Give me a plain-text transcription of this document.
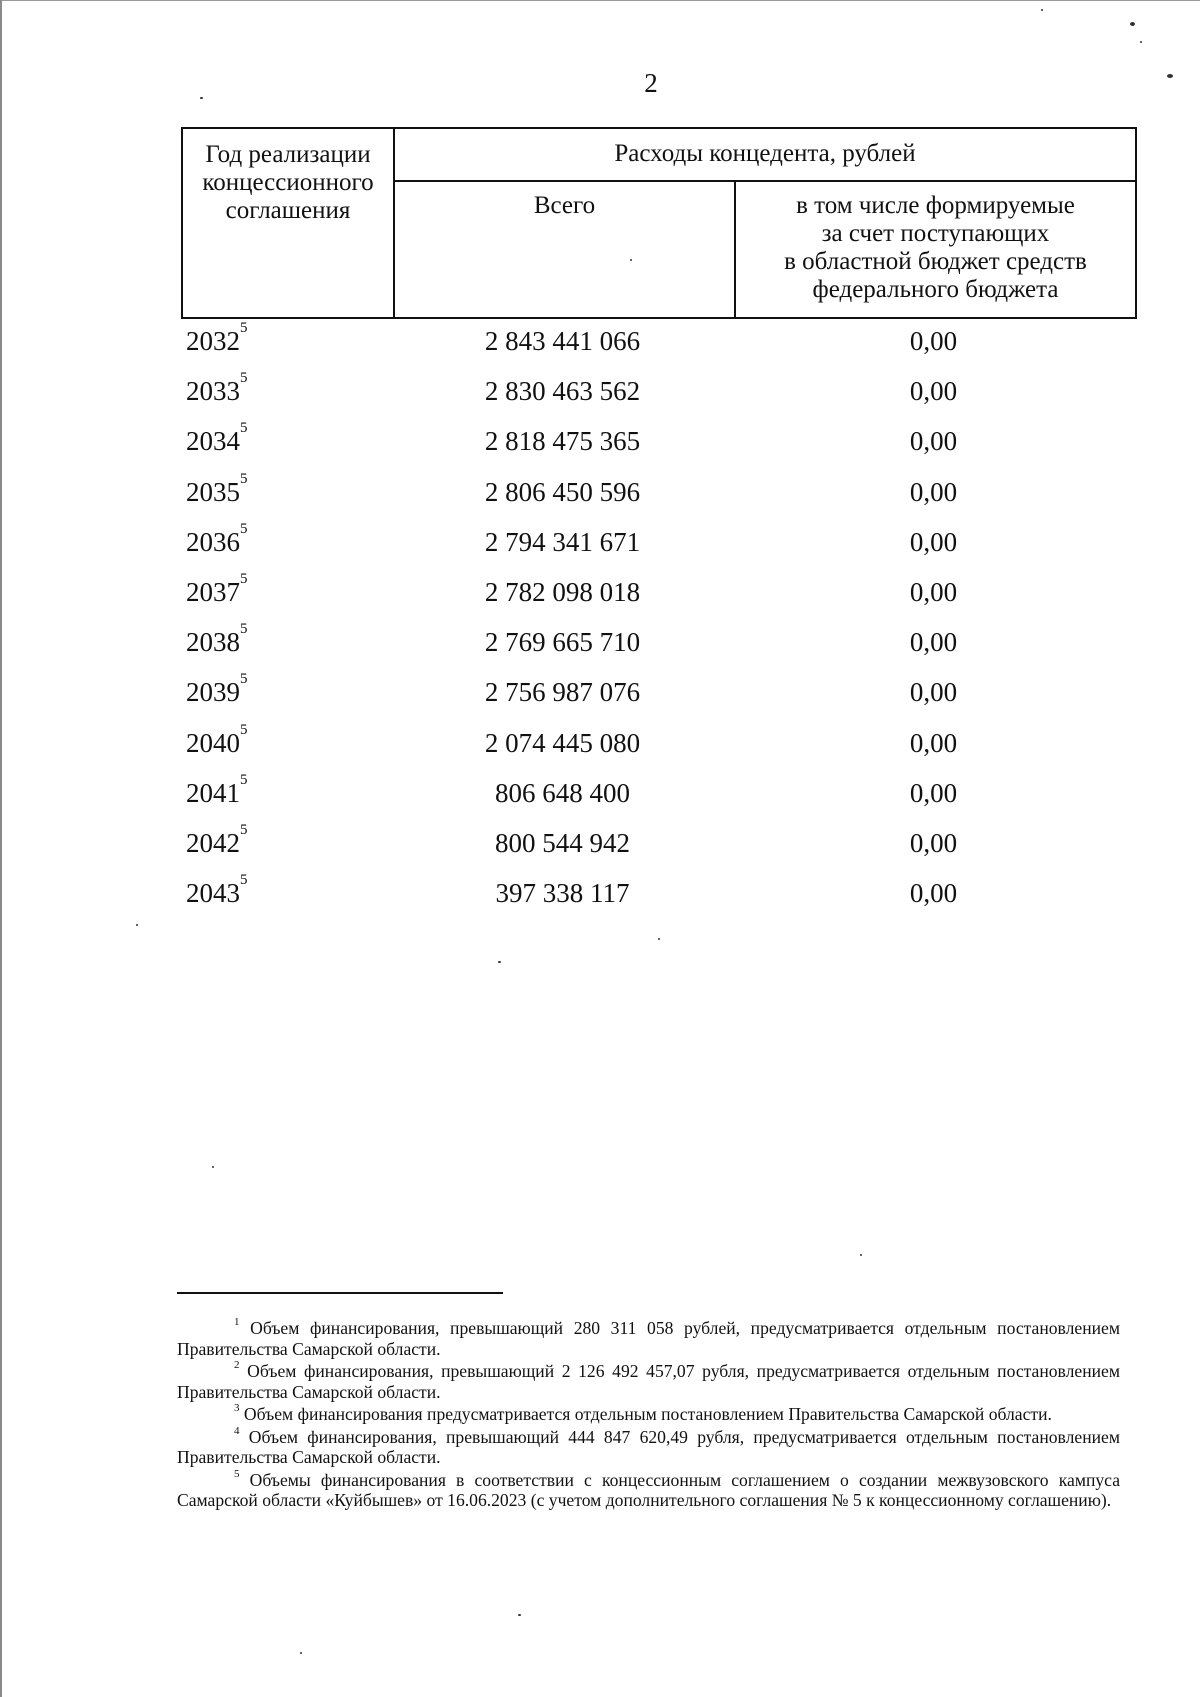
2
Год реализации концессионного соглашения
Расходы концедента, рублей
Всего	в том числе формируемые
за счет поступающих
в областной бюджет средств
федерального бюджета
2032$^5$	2 843 441 066	0,00
2033$^5$	2 830 463 562	0,00
2034$^5$	2 818 475 365	0,00
2035$^5$	2 806 450 596	0,00
2036$^5$	2 794 341 671	0,00
2037$^5$	2 782 098 018	0,00
2038$^5$	2 769 665 710	0,00
2039$^5$	2 756 987 076	0,00
2040$^5$	2 074 445 080	0,00
2041$^5$	806 648 400	0,00
2042$^5$	800 544 942	0,00
2043$^5$	397 338 117	0,00
$^1$ Объем финансирования, превышающий 280 311 058 рублей, предусматривается отдельным постановлением Правительства Самарской области.
$^2$ Объем финансирования, превышающий 2 126 492 457,07 рубля, предусматривается отдельным постановлением Правительства Самарской области.
$^3$ Объем финансирования предусматривается отдельным постановлением Правительства Самарской области.
$^4$ Объем финансирования, превышающий 444 847 620,49 рубля, предусматривается отдельным постановлением Правительства Самарской области.
$^5$ Объемы финансирования в соответствии с концессионным соглашением о создании межвузовского кампуса Самарской области «Куйбышев» от 16.06.2023 (с учетом дополнительного соглашения № 5 к концессионному соглашению).
